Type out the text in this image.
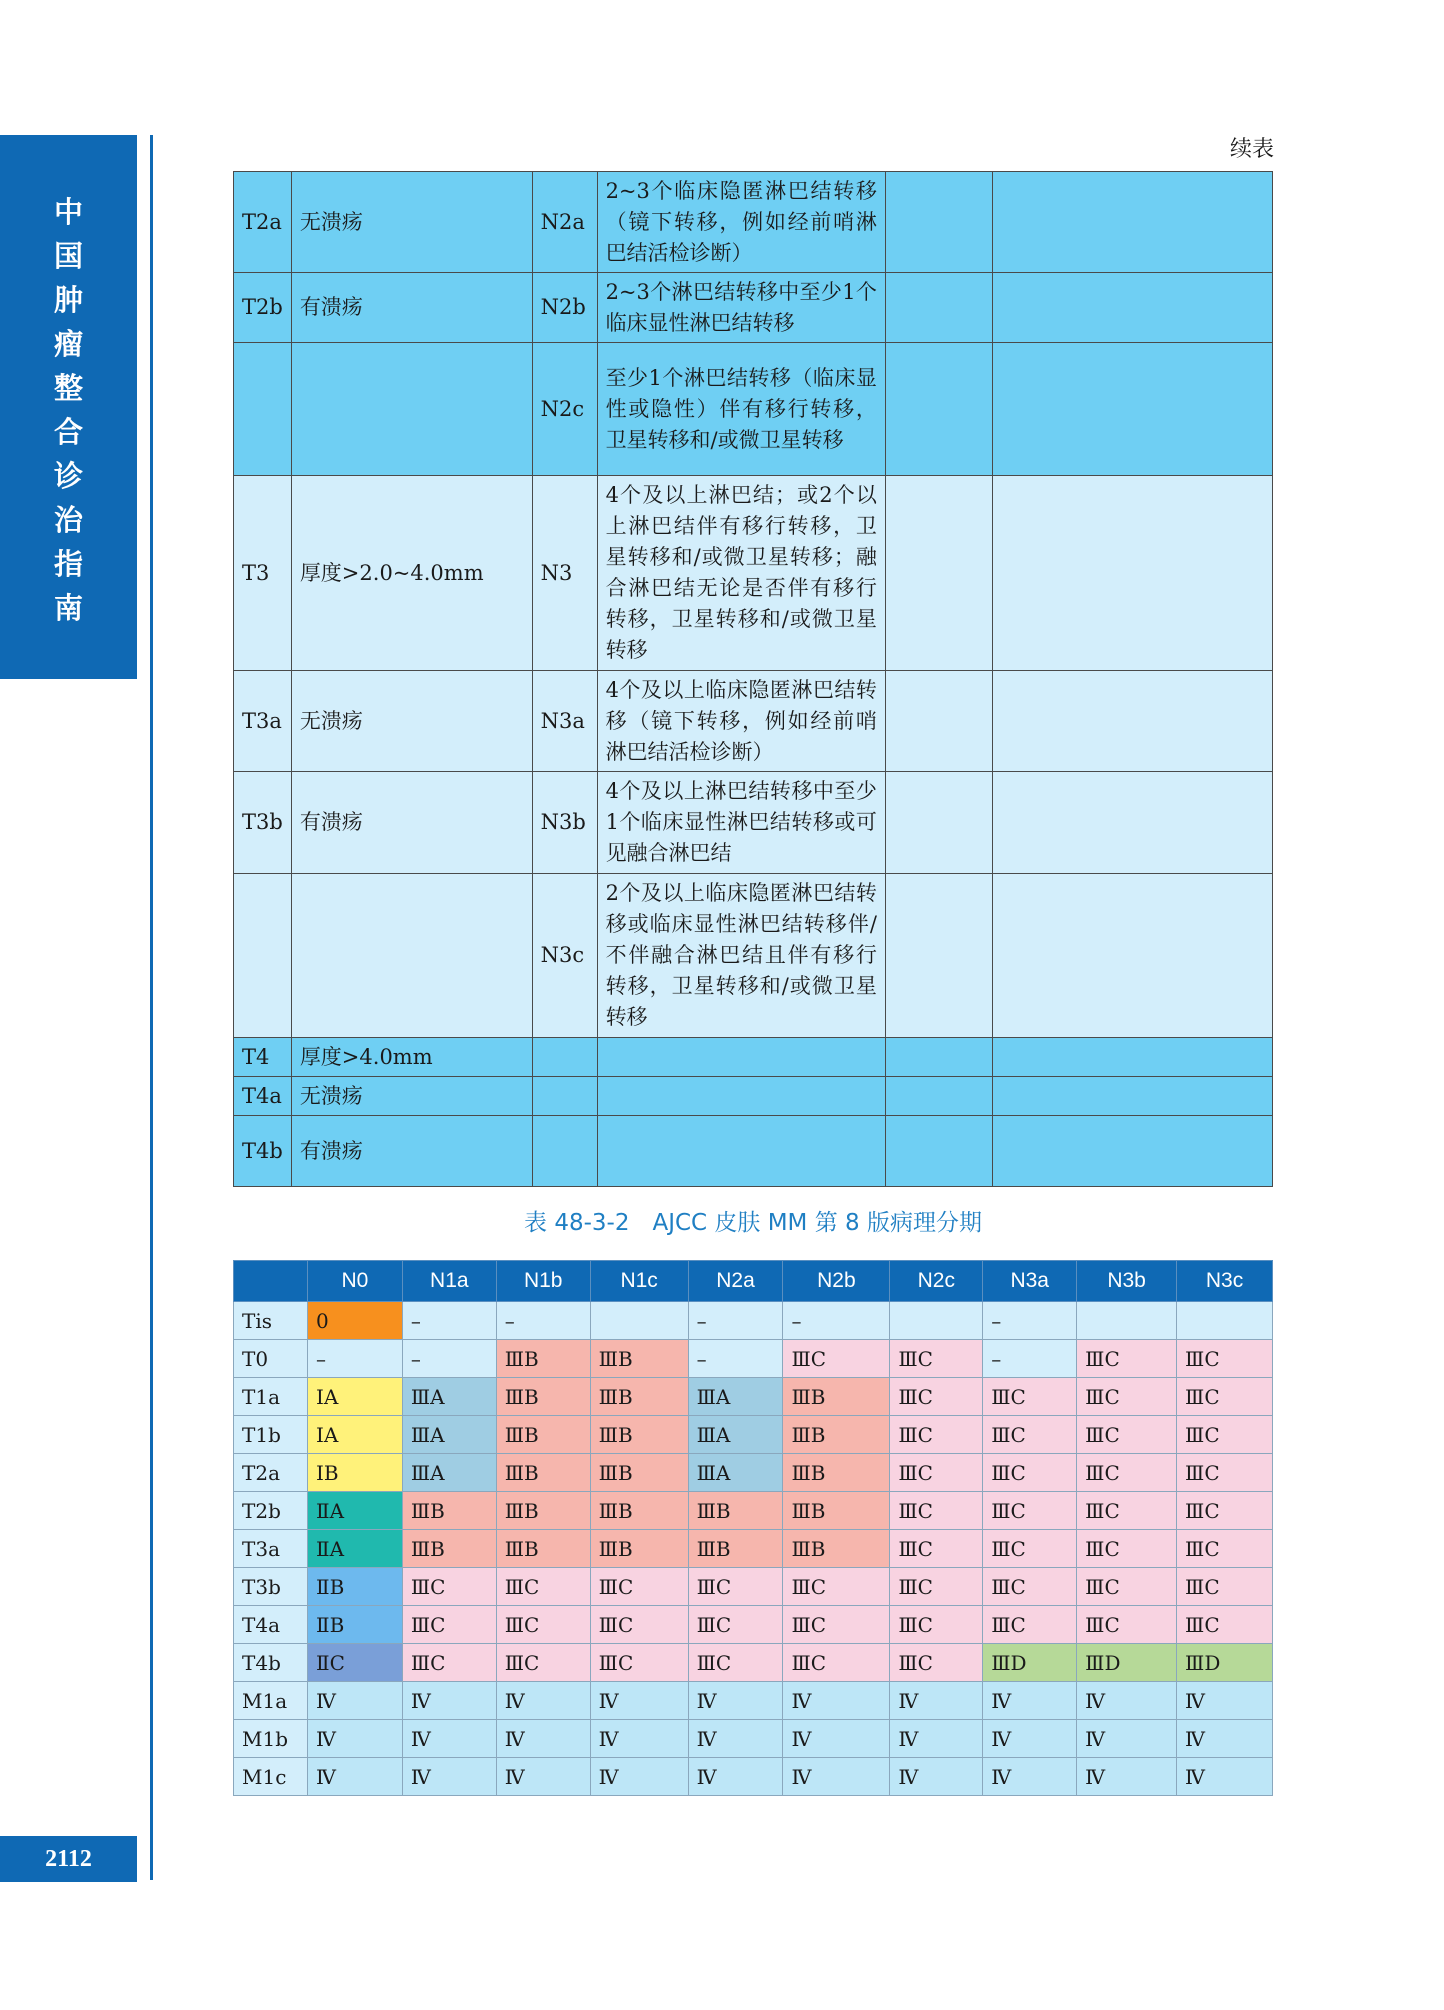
中
国
肿
瘤
整
合
诊
治
指
南
2112
续表
T2a	无溃疡	N2a	2~3个临床隐匿淋巴结转移（镜下转移，例如经前哨淋巴结活检诊断）		
T2b	有溃疡	N2b	2~3个淋巴结转移中至少1个临床显性淋巴结转移		
		N2c	至少1个淋巴结转移（临床显性或隐性）伴有移行转移，卫星转移和/或微卫星转移		
T3	厚度>2.0~4.0mm	N3	4个及以上淋巴结；或2个以上淋巴结伴有移行转移，卫星转移和/或微卫星转移；融合淋巴结无论是否伴有移行转移，卫星转移和/或微卫星转移		
T3a	无溃疡	N3a	4个及以上临床隐匿淋巴结转移（镜下转移，例如经前哨淋巴结活检诊断）		
T3b	有溃疡	N3b	4个及以上淋巴结转移中至少1个临床显性淋巴结转移或可见融合淋巴结		
		N3c	2个及以上临床隐匿淋巴结转移或临床显性淋巴结转移伴/不伴融合淋巴结且伴有移行转移，卫星转移和/或微卫星转移		
T4	厚度>4.0mm				
T4a	无溃疡				
T4b	有溃疡				
表 48-3-2　AJCC 皮肤 MM 第 8 版病理分期
	N0	N1a	N1b	N1c	N2a	N2b	N2c	N3a	N3b	N3c
Tis	0	–	–		–	–		–		
T0	–	–	ⅢB	ⅢB	–	ⅢC	ⅢC	–	ⅢC	ⅢC
T1a	ⅠA	ⅢA	ⅢB	ⅢB	ⅢA	ⅢB	ⅢC	ⅢC	ⅢC	ⅢC
T1b	ⅠA	ⅢA	ⅢB	ⅢB	ⅢA	ⅢB	ⅢC	ⅢC	ⅢC	ⅢC
T2a	ⅠB	ⅢA	ⅢB	ⅢB	ⅢA	ⅢB	ⅢC	ⅢC	ⅢC	ⅢC
T2b	ⅡA	ⅢB	ⅢB	ⅢB	ⅢB	ⅢB	ⅢC	ⅢC	ⅢC	ⅢC
T3a	ⅡA	ⅢB	ⅢB	ⅢB	ⅢB	ⅢB	ⅢC	ⅢC	ⅢC	ⅢC
T3b	ⅡB	ⅢC	ⅢC	ⅢC	ⅢC	ⅢC	ⅢC	ⅢC	ⅢC	ⅢC
T4a	ⅡB	ⅢC	ⅢC	ⅢC	ⅢC	ⅢC	ⅢC	ⅢC	ⅢC	ⅢC
T4b	ⅡC	ⅢC	ⅢC	ⅢC	ⅢC	ⅢC	ⅢC	ⅢD	ⅢD	ⅢD
M1a	Ⅳ	Ⅳ	Ⅳ	Ⅳ	Ⅳ	Ⅳ	Ⅳ	Ⅳ	Ⅳ	Ⅳ
M1b	Ⅳ	Ⅳ	Ⅳ	Ⅳ	Ⅳ	Ⅳ	Ⅳ	Ⅳ	Ⅳ	Ⅳ
M1c	Ⅳ	Ⅳ	Ⅳ	Ⅳ	Ⅳ	Ⅳ	Ⅳ	Ⅳ	Ⅳ	Ⅳ
